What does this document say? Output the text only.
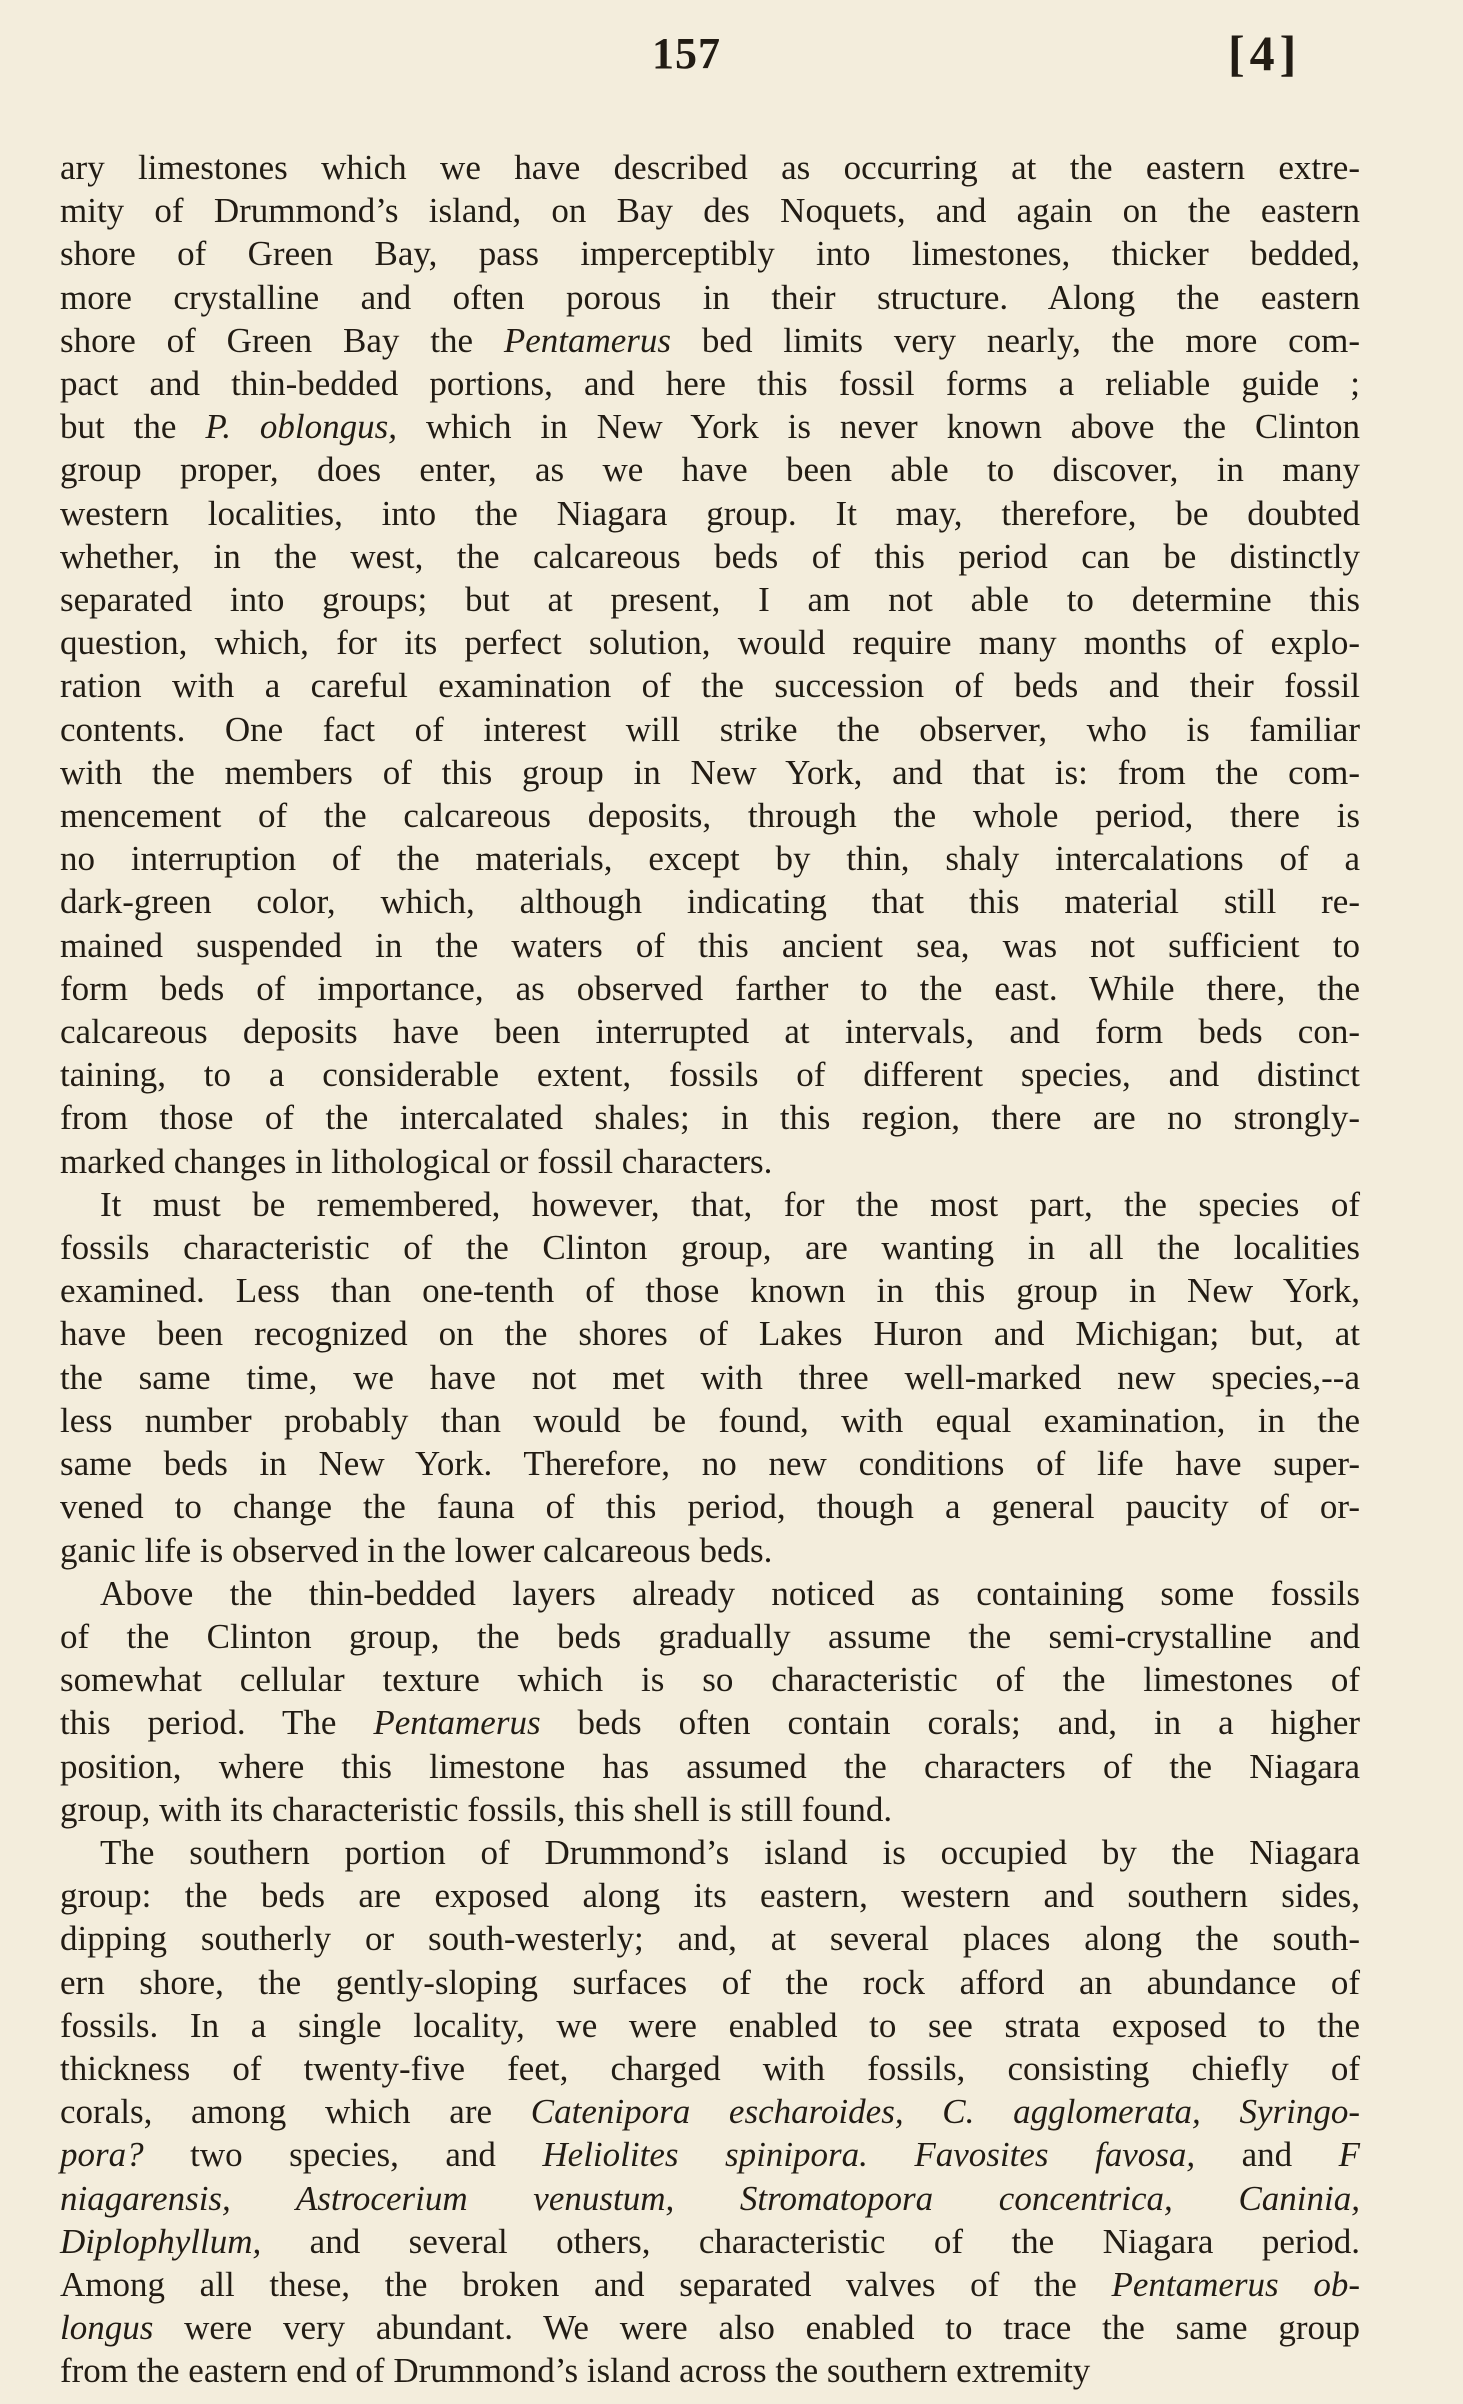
157	[4]

ary limestones which we have described as occurring at the eastern extre-

mity of Drummond’s island, on Bay des Noquets, and again on the eastern

shore of Green Bay, pass imperceptibly into limestones, thicker bedded,

more crystalline and often porous in their structure. Along the eastern

shore of Green Bay the Pentamerus bed limits very nearly, the more com-

pact and thin-bedded portions, and here this fossil forms a reliable guide ;

but the P. oblongus, which in New York is never known above the Clinton

group proper, does enter, as we have been able to discover, in many

western localities, into the Niagara group. It may, therefore, be doubted

whether, in the west, the calcareous beds of this period can be distinctly

separated into groups; but at present, I am not able to determine this

question, which, for its perfect solution, would require many months of explo-

ration with a careful examination of the succession of beds and their fossil

contents. One fact of interest will strike the observer, who is familiar

with the members of this group in New York, and that is: from the com-

mencement of the calcareous deposits, through the whole period, there is

no interruption of the materials, except by thin, shaly intercalations of a

dark-green color, which, although indicating that this material still re-

mained suspended in the waters of this ancient sea, was not sufficient to

form beds of importance, as observed farther to the east. While there, the

calcareous deposits have been interrupted at intervals, and form beds con-

taining, to a considerable extent, fossils of different species, and distinct

from those of the intercalated shales; in this region, there are no strongly-

marked changes in lithological or fossil characters.

It must be remembered, however, that, for the most part, the species of

fossils characteristic of the Clinton group, are wanting in all the localities

examined. Less than one-tenth of those known in this group in New York,

have been recognized on the shores of Lakes Huron and Michigan; but, at

the same time, we have not met with three well-marked new species,--a

less number probably than would be found, with equal examination, in the

same beds in New York. Therefore, no new conditions of life have super-

vened to change the fauna of this period, though a general paucity of or-

ganic life is observed in the lower calcareous beds.

Above the thin-bedded layers already noticed as containing some fossils

of the Clinton group, the beds gradually assume the semi-crystalline and

somewhat cellular texture which is so characteristic of the limestones of

this period. The Pentamerus beds often contain corals; and, in a higher

position, where this limestone has assumed the characters of the Niagara

group, with its characteristic fossils, this shell is still found.

The southern portion of Drummond’s island is occupied by the Niagara

group: the beds are exposed along its eastern, western and southern sides,

dipping southerly or south-westerly; and, at several places along the south-

ern shore, the gently-sloping surfaces of the rock afford an abundance of

fossils. In a single locality, we were enabled to see strata exposed to the

thickness of twenty-five feet, charged with fossils, consisting chiefly of

corals, among which are Catenipora escharoides, C. agglomerata, Syringo-

pora? two species, and Heliolites spinipora. Favosites favosa, and F

niagarensis, Astrocerium venustum, Stromatopora concentrica, Caninia,

Diplophyllum, and several others, characteristic of the Niagara period.

Among all these, the broken and separated valves of the Pentamerus ob-

longus were very abundant. We were also enabled to trace the same group

from the eastern end of Drummond’s island across the southern extremity
